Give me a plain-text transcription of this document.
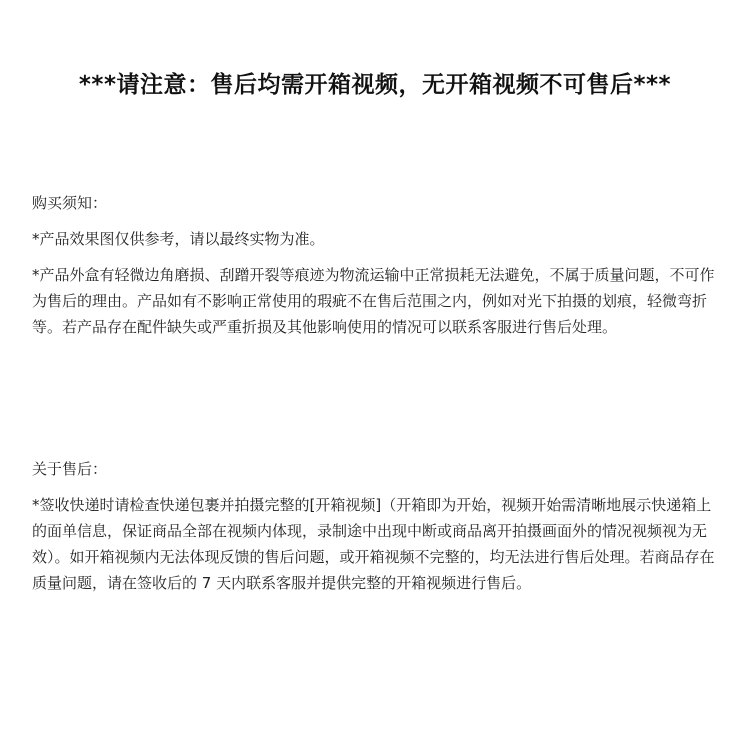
***请注意：售后均需开箱视频，无开箱视频不可售后***
购买须知：

*产品效果图仅供参考，请以最终实物为准。

*产品外盒有轻微边角磨损、刮蹭开裂等痕迹为物流运输中正常损耗无法避免，不属于质量问题，不可作为售后的理由。产品如有不影响正常使用的瑕疵不在售后范围之内，例如对光下拍摄的划痕，轻微弯折等。若产品存在配件缺失或严重折损及其他影响使用的情况可以联系客服进行售后处理。

关于售后：

*签收快递时请检查快递包裹并拍摄完整的[开箱视频]（开箱即为开始，视频开始需清晰地展示快递箱上的面单信息，保证商品全部在视频内体现，录制途中出现中断或商品离开拍摄画面外的情况视频视为无效）。如开箱视频内无法体现反馈的售后问题，或开箱视频不完整的，均无法进行售后处理。若商品存在质量问题，请在签收后的 7 天内联系客服并提供完整的开箱视频进行售后。
